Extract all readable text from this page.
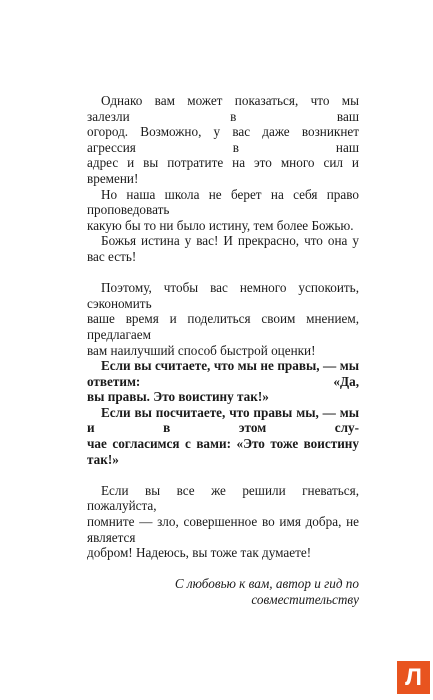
Однако вам может показаться, что мы залезли в ваш
огород. Возможно, у вас даже возникнет агрессия в наш
адрес и вы потратите на это много сил и времени!

Но наша школа не берет на себя право проповедовать
какую бы то ни было истину, тем более Божью.

Божья истина у вас! И прекрасно, что она у вас есть!

Поэтому, чтобы вас немного успокоить, сэкономить
ваше время и поделиться своим мнением, предлагаем
вам наилучший способ быстрой оценки!

Если вы считаете, что мы не правы, — мы ответим: «Да,
вы правы. Это воистину так!»

Если вы посчитаете, что правы мы, — мы и в этом слу-
чае согласимся с вами: «Это тоже воистину так!»

Если вы все же решили гневаться, пожалуйста,
помните — зло, совершенное во имя добра, не является
добром! Надеюсь, вы тоже так думаете!

С любовью к вам, автор и гид по совместительству

Л
